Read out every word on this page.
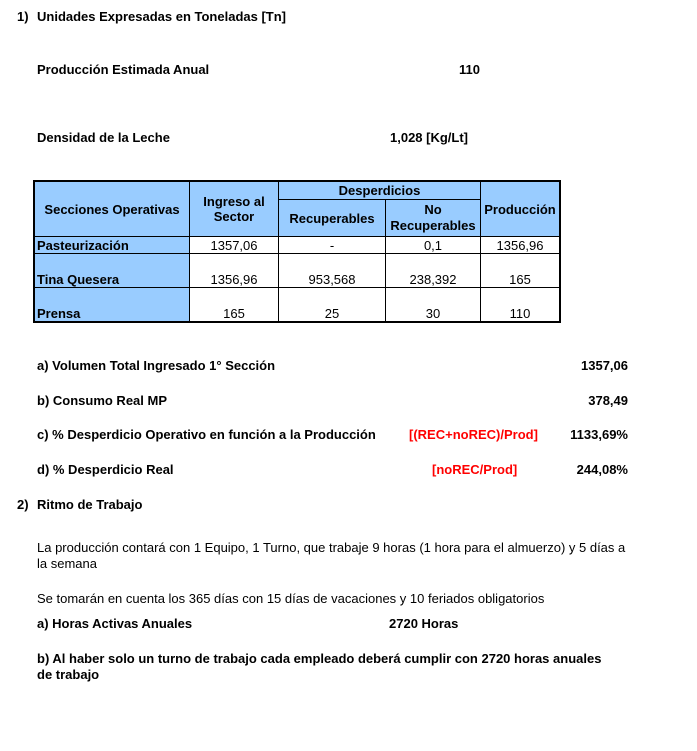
1) Unidades Expresadas en Toneladas [Tn]
Producción Estimada Anual	110
Densidad de la Leche	1,028 [Kg/Lt]
Secciones Operativas	Ingreso al Sector	Desperdicios		Producción
		Recuperables	No Recuperables	
Pasteurización	1357,06	-	0,1	1356,96
Tina Quesera	1356,96	953,568	238,392	165
Prensa	165	25	30	110
a) Volumen Total Ingresado 1° Sección	1357,06
b) Consumo Real MP	378,49
c) % Desperdicio Operativo en función a la Producción	[(REC+noREC)/Prod]	1133,69%
d) % Desperdicio Real	[noREC/Prod]	244,08%
2) Ritmo de Trabajo
La producción contará con 1 Equipo, 1 Turno, que trabaje 9 horas (1 hora para el almuerzo) y 5 días a
la semana
Se tomarán en cuenta los 365 días con 15 días de vacaciones y 10 feriados obligatorios
a) Horas Activas Anuales	2720 Horas
b) Al haber solo un turno de trabajo cada empleado deberá cumplir con 2720 horas anuales
de trabajo
